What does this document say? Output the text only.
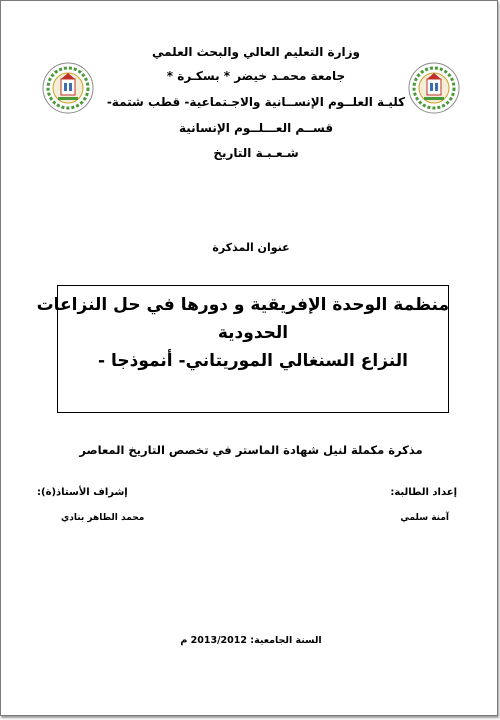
وزارة التعليم العالي والبحث العلمي
جامعة محمـد خيضر * بسكـرة *
كليـة العلــوم الإنســانية والاجـتماعية- قطب شتمة-
قســم العـــلــوم الإنسانية
شـعـبـة التاريخ
عنوان المذكرة
منظمة الوحدة الإفريقية و دورها في حل النزاعات
الحدودية
النزاع السنغالي الموريتاني- أنموذجا -
مذكرة مكملة لنيل شهادة الماستر في تخصص التاريخ المعاصر
إعداد الطالبة:
آمنة سلمي
إشراف الأستاذ(ة):
محمد الطاهر بنادي
السنة الجامعية: 2013/2012 م
